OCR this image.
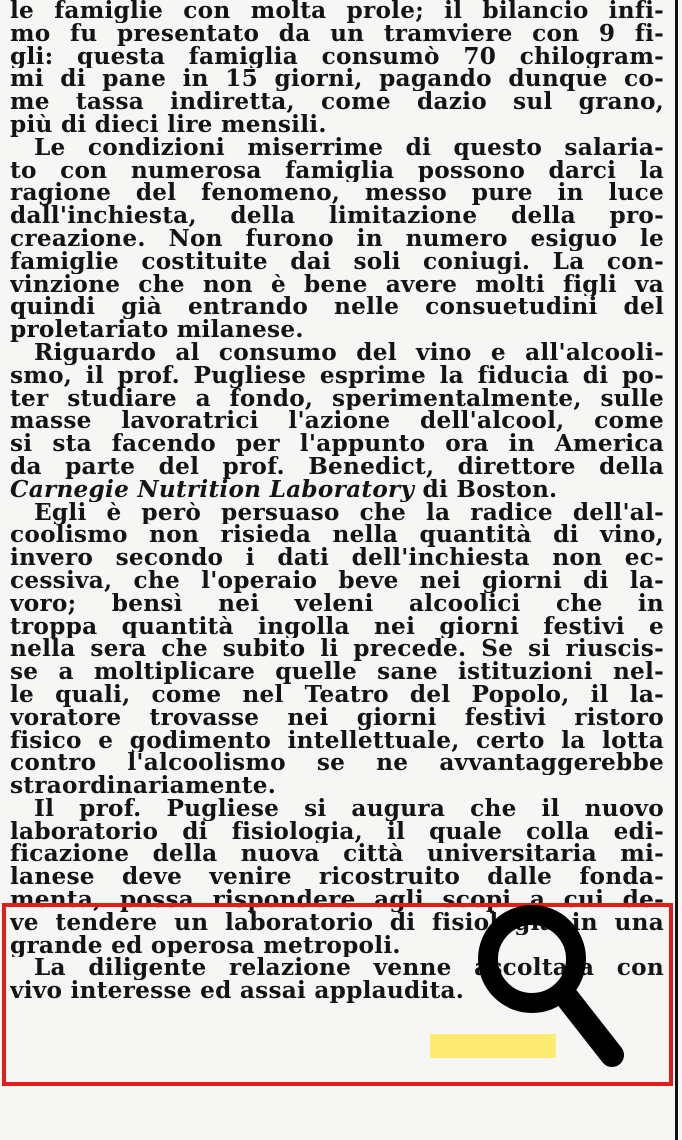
le famiglie con molta prole; il bilancio infi-
mo fu presentato da un tramviere con 9 fi-
gli: questa famiglia consumò 70 chilogram-
mi di pane in 15 giorni, pagando dunque co-
me tassa indiretta, come dazio sul grano,
più di dieci lire mensili.
Le condizioni miserrime di questo salaria-
to con numerosa famiglia possono darci la
ragione del fenomeno, messo pure in luce
dall'inchiesta, della limitazione della pro-
creazione. Non furono in numero esiguo le
famiglie costituite dai soli coniugi. La con-
vinzione che non è bene avere molti figli va
quindi già entrando nelle consuetudini del
proletariato milanese.
Riguardo al consumo del vino e all'alcooli-
smo, il prof. Pugliese esprime la fiducia di po-
ter studiare a fondo, sperimentalmente, sulle
masse lavoratrici l'azione dell'alcool, come
si sta facendo per l'appunto ora in America
da parte del prof. Benedict, direttore della
Carnegie Nutrition Laboratory di Boston.
Egli è però persuaso che la radice dell'al-
coolismo non risieda nella quantità di vino,
invero secondo i dati dell'inchiesta non ec-
cessiva, che l'operaio beve nei giorni di la-
voro; bensì nei veleni alcoolici che in
troppa quantità ingolla nei giorni festivi e
nella sera che subito li precede. Se si riuscis-
se a moltiplicare quelle sane istituzioni nel-
le quali, come nel Teatro del Popolo, il la-
voratore trovasse nei giorni festivi ristoro
fisico e godimento intellettuale, certo la lotta
contro l'alcoolismo se ne avvantaggerebbe
straordinariamente.
Il prof. Pugliese si augura che il nuovo
laboratorio di fisiologia, il quale colla edi-
ficazione della nuova città universitaria mi-
lanese deve venire ricostruito dalle fonda-
menta, possa rispondere agli scopi a cui de-
ve tendere un laboratorio di fisiologia in una
grande ed operosa metropoli.
La diligente relazione venne ascoltata con
vivo interesse ed assai applaudita.
